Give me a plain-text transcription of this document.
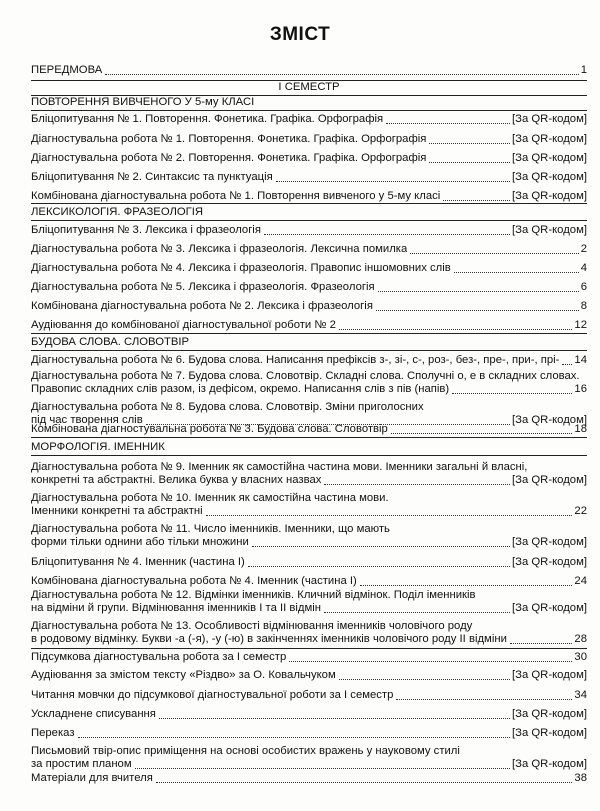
ЗМІСТ
ПЕРЕДМОВА	1
І СЕМЕСТР
ПОВТОРЕННЯ ВИВЧЕНОГО У 5-му КЛАСІ
Бліцопитування № 1. Повторення. Фонетика. Графіка. Орфографія	[За QR-кодом]
Діагностувальна робота № 1. Повторення. Фонетика. Графіка. Орфографія	[За QR-кодом]
Діагностувальна робота № 2. Повторення. Фонетика. Графіка. Орфографія	[За QR-кодом]
Бліцопитування № 2. Синтаксис та пунктуація	[За QR-кодом]
Комбінована діагностувальна робота № 1. Повторення вивченого у 5-му класі	[За QR-кодом]
ЛЕКСИКОЛОГІЯ. ФРАЗЕОЛОГІЯ
Бліцопитування № 3. Лексика і фразеологія	[За QR-кодом]
Діагностувальна робота № 3. Лексика і фразеологія. Лексична помилка	2
Діагностувальна робота № 4. Лексика і фразеологія. Правопис іншомовних слів	4
Діагностувальна робота № 5. Лексика і фразеологія. Фразеологія	6
Комбінована діагностувальна робота № 2. Лексика і фразеологія	8
Аудіювання до комбінованої діагностувальної роботи № 2	12
БУДОВА СЛОВА. СЛОВОТВІР
Діагностувальна робота № 6. Будова слова. Написання префіксів з-, зі-, с-, роз-, без-, пре-, при-, прі- 14
Діагностувальна робота № 7. Будова слова. Словотвір. Складні слова. Сполучні о, е в складних словах.
Правопис складних слів разом, із дефісом, окремо. Написання слів з пів (напів)	16
Діагностувальна робота № 8. Будова слова. Словотвір. Зміни приголосних
під час творення слів	[За QR-кодом]
Комбінована діагностувальна робота № 3. Будова слова. Словотвір	18
МОРФОЛОГІЯ. ІМЕННИК
Діагностувальна робота № 9. Іменник як самостійна частина мови. Іменники загальні й власні,
конкретні та абстрактні. Велика буква у власних назвах	[За QR-кодом]
Діагностувальна робота № 10. Іменник як самостійна частина мови.
Іменники конкретні та абстрактні	22
Діагностувальна робота № 11. Число іменників. Іменники, що мають
форми тільки однини або тільки множини	[За QR-кодом]
Бліцопитування № 4. Іменник (частина І)	[За QR-кодом]
Комбінована діагностувальна робота № 4. Іменник (частина І)	24
Діагностувальна робота № 12. Відмінки іменників. Кличний відмінок. Поділ іменників
на відміни й групи. Відмінювання іменників І та ІІ відмін	[За QR-кодом]
Діагностувальна робота № 13. Особливості відмінювання іменників чоловічого роду
в родовому відмінку. Букви -а (-я), -у (-ю) в закінченнях іменників чоловічого роду ІІ відміни	28
Підсумкова діагностувальна робота за І семестр	30
Аудіювання за змістом тексту «Різдво» за О. Ковальчуком	[За QR-кодом]
Читання мовчки до підсумкової діагностувальної роботи за І семестр	34
Ускладнене списування	[За QR-кодом]
Переказ	[За QR-кодом]
Письмовий твір-опис приміщення на основі особистих вражень у науковому стилі
за простим планом	[За QR-кодом]
Матеріали для вчителя	38
